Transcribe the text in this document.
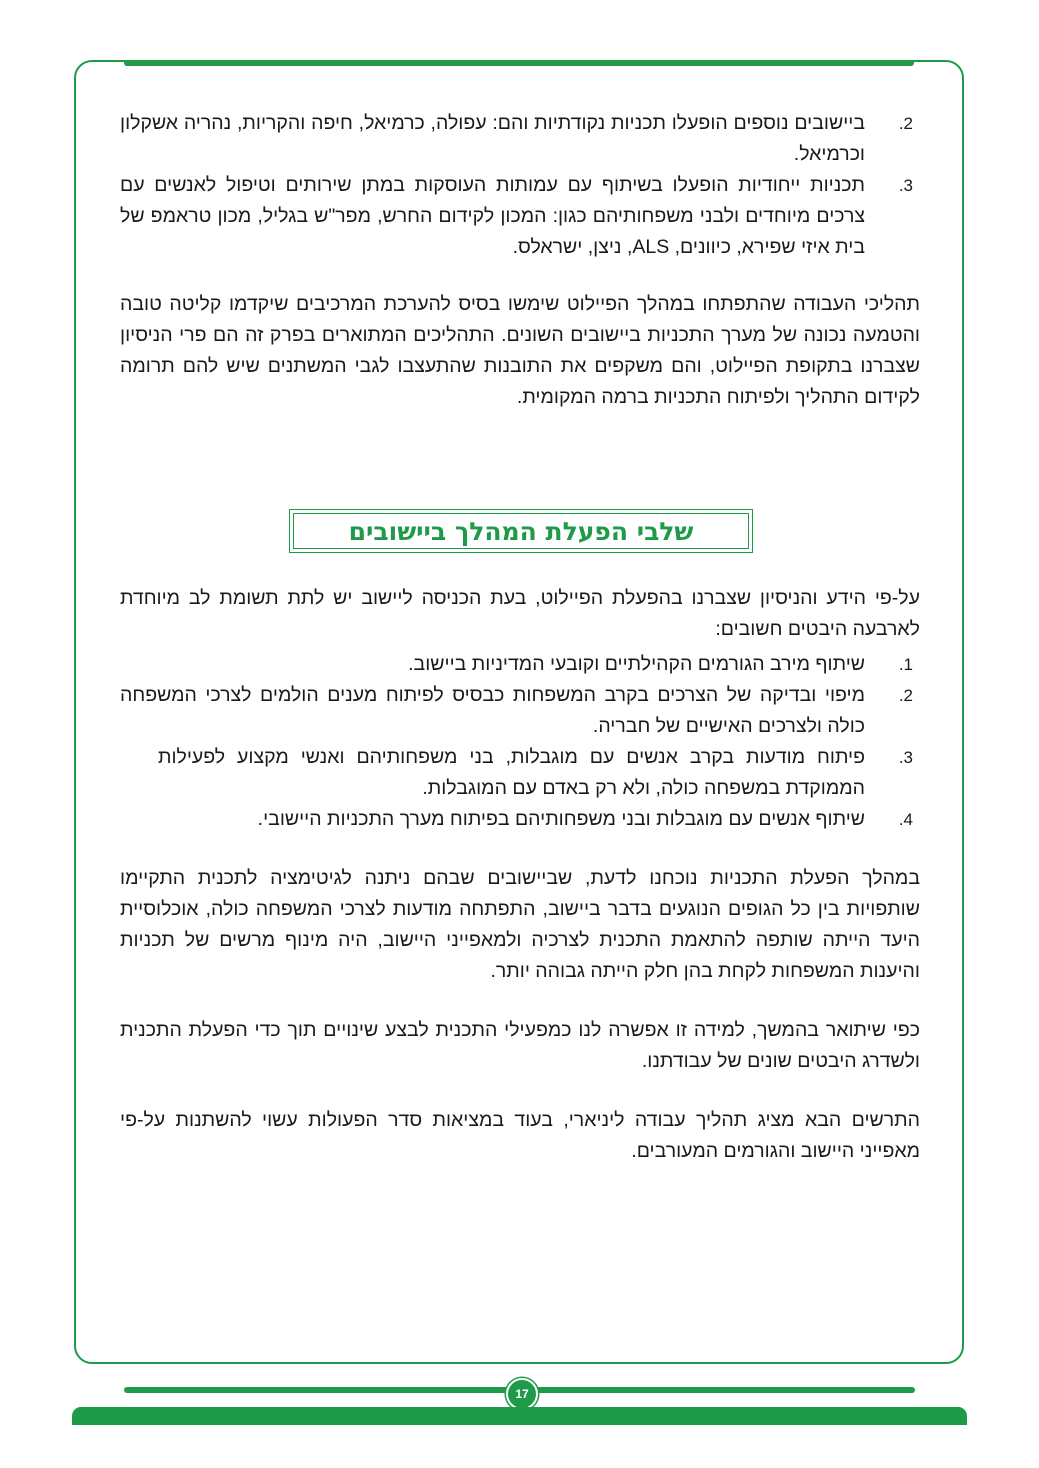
.2
ביישובים נוספים הופעלו תכניות נקודתיות והם: עפולה, כרמיאל, חיפה והקריות, נהריה אשקלון וכרמיאל.
.3
תכניות ייחודיות הופעלו בשיתוף עם עמותות העוסקות במתן שירותים וטיפול לאנשים עם צרכים מיוחדים ולבני משפחותיהם כגון: המכון לקידום החרש, מפר"ש בגליל, מכון טראמפ של בית איזי שפירא, כיוונים, ALS, ניצן, ישראלס.

תהליכי העבודה שהתפתחו במהלך הפיילוט שימשו בסיס להערכת המרכיבים שיקדמו קליטה טובה והטמעה נכונה של מערך התכניות ביישובים השונים. התהליכים המתוארים בפרק זה הם פרי הניסיון שצברנו בתקופת הפיילוט, והם משקפים את התובנות שהתעצבו לגבי המשתנים שיש להם תרומה לקידום התהליך ולפיתוח התכניות ברמה המקומית.

שלבי הפעלת המהלך ביישובים

על-פי הידע והניסיון שצברנו בהפעלת הפיילוט, בעת הכניסה ליישוב יש לתת תשומת לב מיוחדת לארבעה היבטים חשובים:

.1
שיתוף מירב הגורמים הקהילתיים וקובעי המדיניות ביישוב.
.2
מיפוי ובדיקה של הצרכים בקרב המשפחות כבסיס לפיתוח מענים הולמים לצרכי המשפחה כולה ולצרכים האישיים של חבריה.
.3
פיתוח מודעות בקרב אנשים עם מוגבלות, בני משפחותיהם ואנשי מקצוע לפעילות הממוקדת במשפחה כולה, ולא רק באדם עם המוגבלות.
.4
שיתוף אנשים עם מוגבלות ובני משפחותיהם בפיתוח מערך התכניות היישובי.

במהלך הפעלת התכניות נוכחנו לדעת, שביישובים שבהם ניתנה לגיטימציה לתכנית התקיימו שותפויות בין כל הגופים הנוגעים בדבר ביישוב, התפתחה מודעות לצרכי המשפחה כולה, אוכלוסיית היעד הייתה שותפה להתאמת התכנית לצרכיה ולמאפייני היישוב, היה מינוף מרשים של תכניות והיענות המשפחות לקחת בהן חלק הייתה גבוהה יותר.

כפי שיתואר בהמשך, למידה זו אפשרה לנו כמפעילי התכנית לבצע שינויים תוך כדי הפעלת התכנית ולשדרג היבטים שונים של עבודתנו.

התרשים הבא מציג תהליך עבודה ליניארי, בעוד במציאות סדר הפעולות עשוי להשתנות על-פי מאפייני היישוב והגורמים המעורבים.

17
